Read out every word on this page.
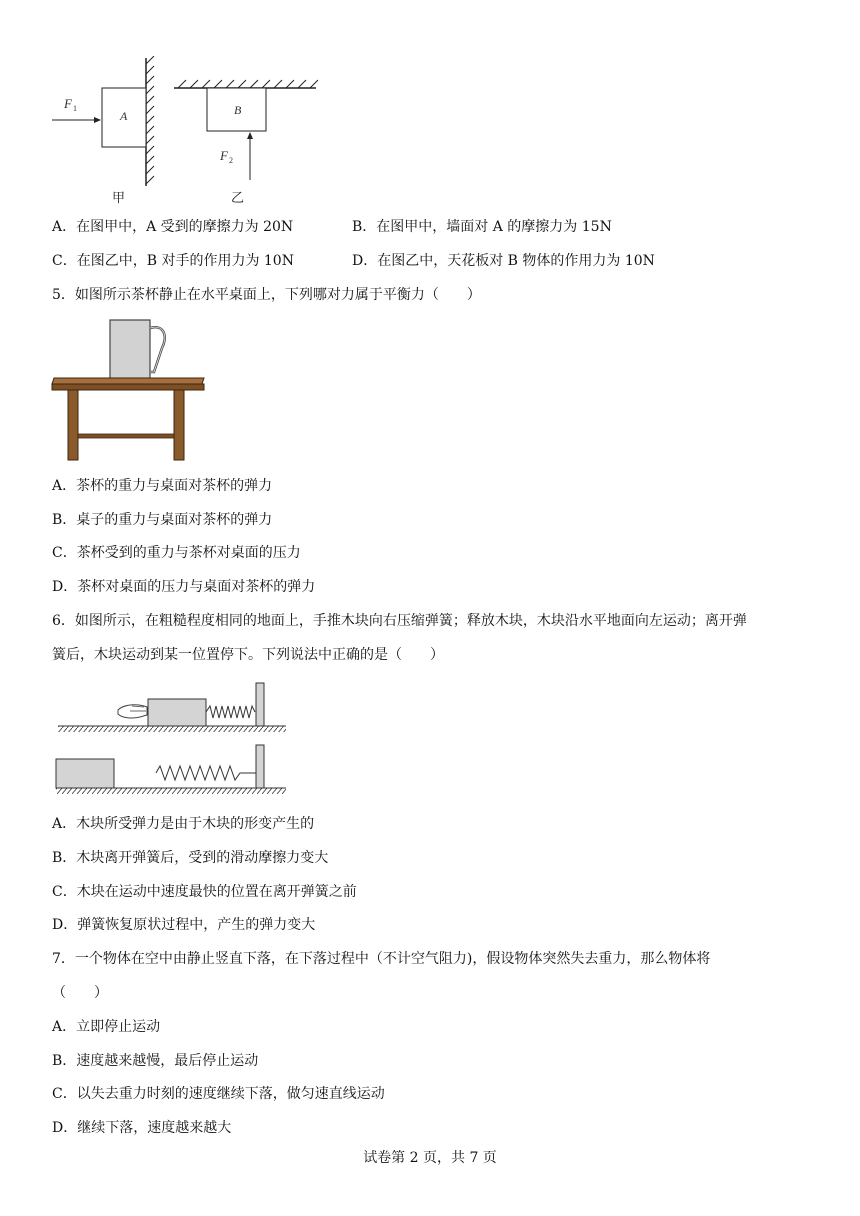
A
F 1	B
F 2
甲	乙
A．在图甲中，A 受到的摩擦力为 20N	B．在图甲中，墙面对 A 的摩擦力为 15N
C．在图乙中，B 对手的作用力为 10N	D．在图乙中，天花板对 B 物体的作用力为 10N
5．如图所示茶杯静止在水平桌面上，下列哪对力属于平衡力（　　）
A．茶杯的重力与桌面对茶杯的弹力
B．桌子的重力与桌面对茶杯的弹力
C．茶杯受到的重力与茶杯对桌面的压力
D．茶杯对桌面的压力与桌面对茶杯的弹力
6．如图所示，在粗糙程度相同的地面上，手推木块向右压缩弹簧；释放木块，木块沿水平地面向左运动；离开弹
簧后，木块运动到某一位置停下。下列说法中正确的是（　　）
A．木块所受弹力是由于木块的形变产生的
B．木块离开弹簧后，受到的滑动摩擦力变大
C．木块在运动中速度最快的位置在离开弹簧之前
D．弹簧恢复原状过程中，产生的弹力变大
7．一个物体在空中由静止竖直下落，在下落过程中（不计空气阻力)，假设物体突然失去重力，那么物体将
（　　）
A．立即停止运动
B．速度越来越慢，最后停止运动
C．以失去重力时刻的速度继续下落，做匀速直线运动
D．继续下落，速度越来越大
试卷第 2 页，共 7 页
